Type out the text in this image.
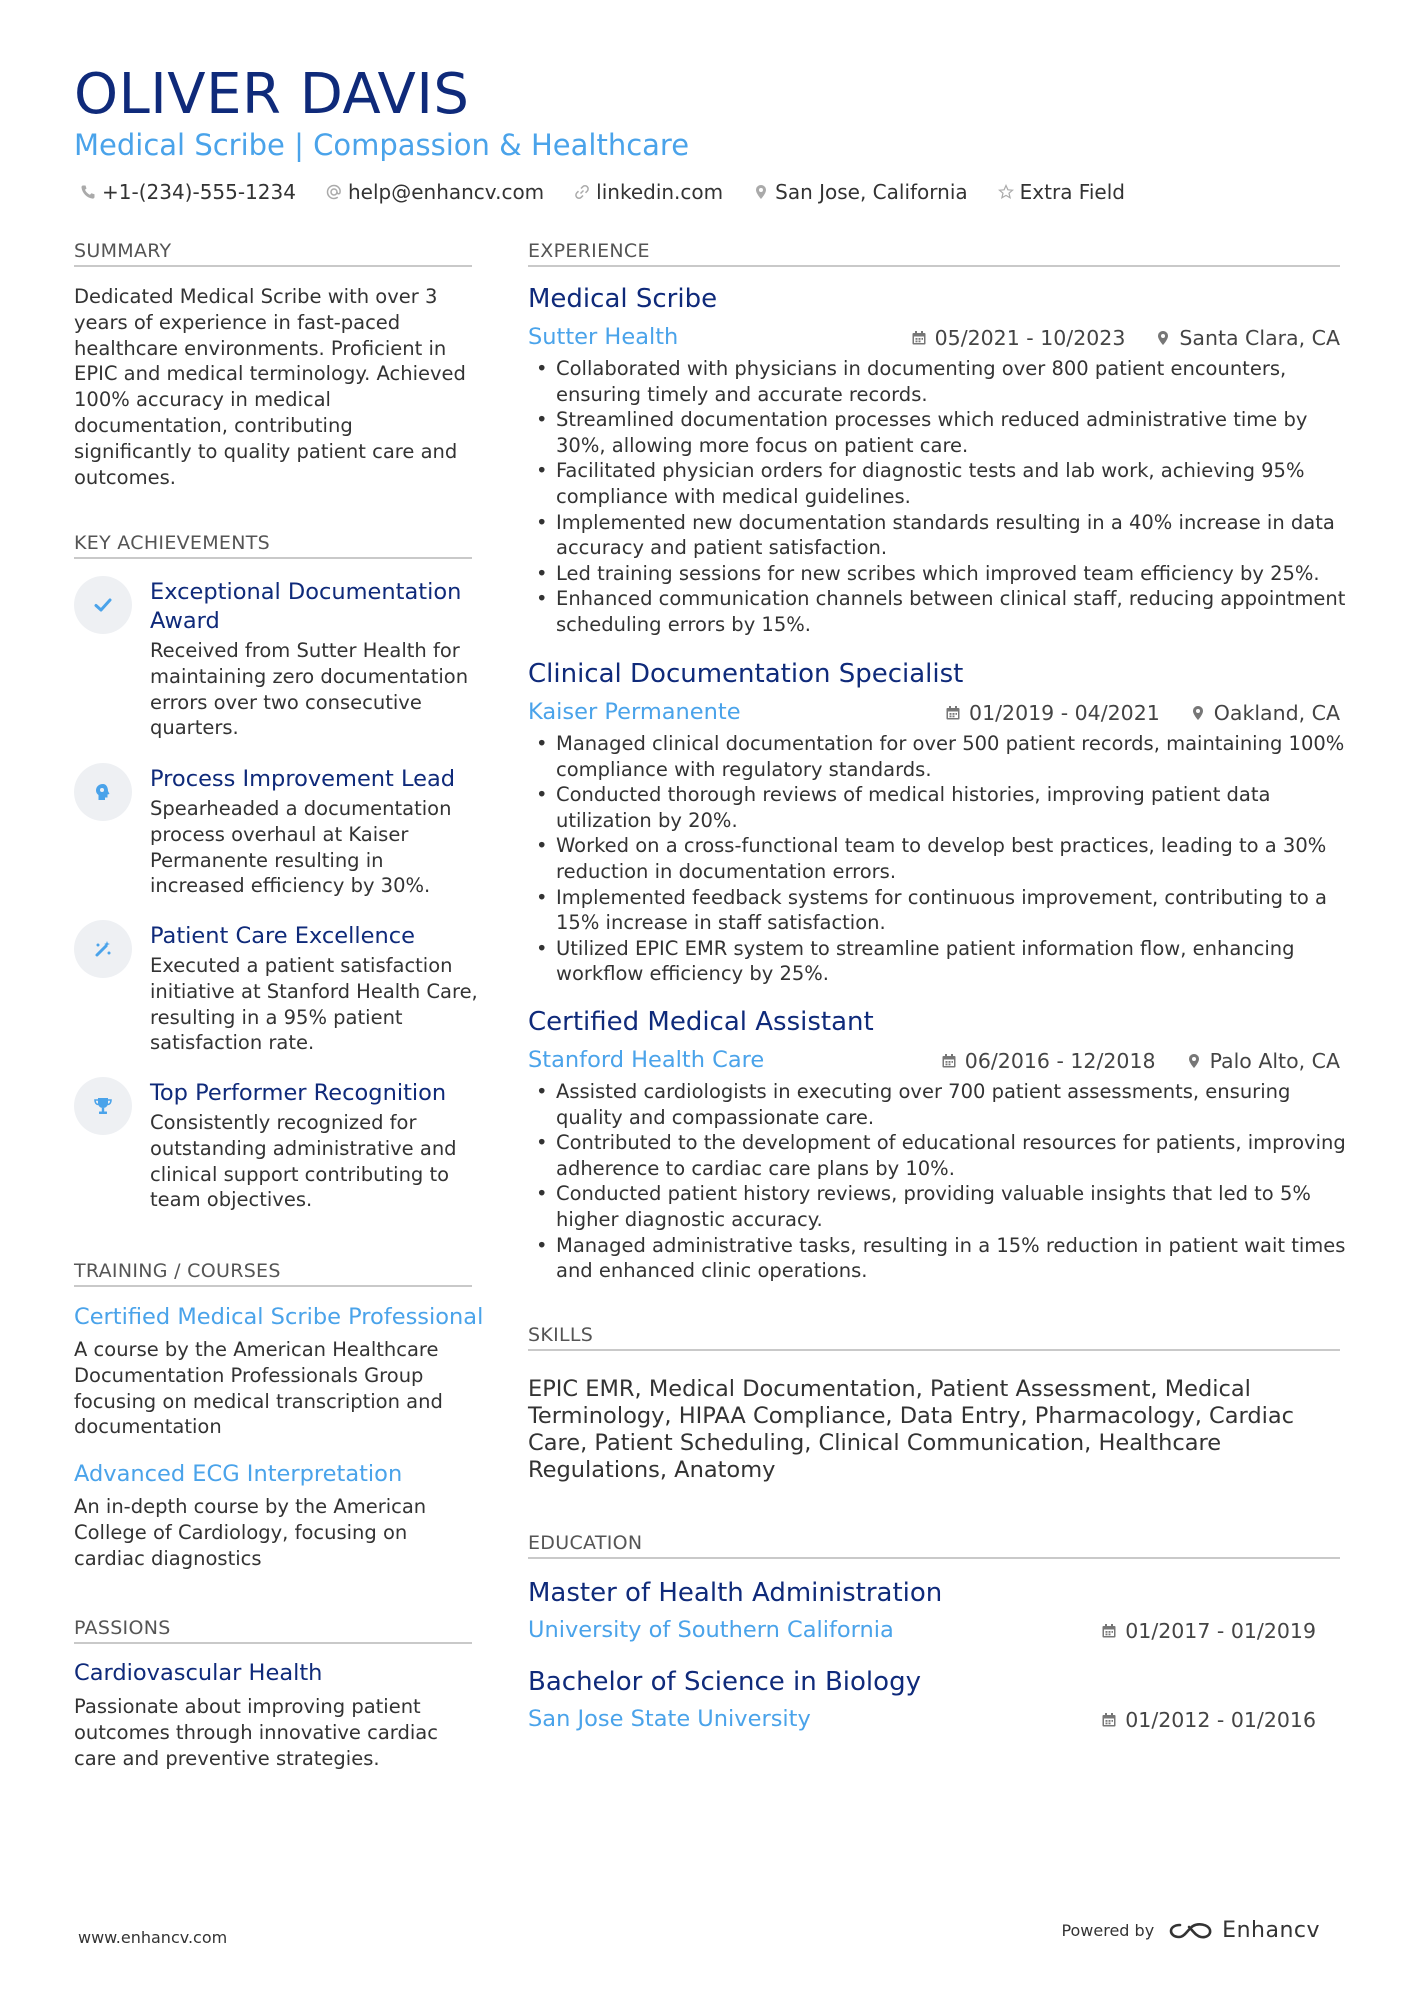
OLIVER DAVIS
Medical Scribe | Compassion & Healthcare
+1-(234)-555-1234	help@enhancv.com	linkedin.com	San Jose, California	Extra Field
SUMMARY
Dedicated Medical Scribe with over 3 years of experience in fast-paced healthcare environments. Proficient in EPIC and medical terminology. Achieved 100% accuracy in medical documentation, contributing significantly to quality patient care and outcomes.
KEY ACHIEVEMENTS
Exceptional Documentation Award
Received from Sutter Health for maintaining zero documentation errors over two consecutive quarters.
Process Improvement Lead
Spearheaded a documentation process overhaul at Kaiser Permanente resulting in increased efficiency by 30%.
Patient Care Excellence
Executed a patient satisfaction initiative at Stanford Health Care, resulting in a 95% patient satisfaction rate.
Top Performer Recognition
Consistently recognized for outstanding administrative and clinical support contributing to team objectives.
TRAINING / COURSES
Certified Medical Scribe Professional
A course by the American Healthcare Documentation Professionals Group focusing on medical transcription and documentation
Advanced ECG Interpretation
An in-depth course by the American College of Cardiology, focusing on cardiac diagnostics
PASSIONS
Cardiovascular Health
Passionate about improving patient outcomes through innovative cardiac care and preventive strategies.
EXPERIENCE
Medical Scribe
Sutter Health	05/2021 - 10/2023	Santa Clara, CA
• Collaborated with physicians in documenting over 800 patient encounters, ensuring timely and accurate records.
• Streamlined documentation processes which reduced administrative time by 30%, allowing more focus on patient care.
• Facilitated physician orders for diagnostic tests and lab work, achieving 95% compliance with medical guidelines.
• Implemented new documentation standards resulting in a 40% increase in data accuracy and patient satisfaction.
• Led training sessions for new scribes which improved team efficiency by 25%.
• Enhanced communication channels between clinical staff, reducing appointment scheduling errors by 15%.
Clinical Documentation Specialist
Kaiser Permanente	01/2019 - 04/2021	Oakland, CA
• Managed clinical documentation for over 500 patient records, maintaining 100% compliance with regulatory standards.
• Conducted thorough reviews of medical histories, improving patient data utilization by 20%.
• Worked on a cross-functional team to develop best practices, leading to a 30% reduction in documentation errors.
• Implemented feedback systems for continuous improvement, contributing to a 15% increase in staff satisfaction.
• Utilized EPIC EMR system to streamline patient information flow, enhancing workflow efficiency by 25%.
Certified Medical Assistant
Stanford Health Care	06/2016 - 12/2018	Palo Alto, CA
• Assisted cardiologists in executing over 700 patient assessments, ensuring quality and compassionate care.
• Contributed to the development of educational resources for patients, improving adherence to cardiac care plans by 10%.
• Conducted patient history reviews, providing valuable insights that led to 5% higher diagnostic accuracy.
• Managed administrative tasks, resulting in a 15% reduction in patient wait times and enhanced clinic operations.
SKILLS
EPIC EMR, Medical Documentation, Patient Assessment, Medical Terminology, HIPAA Compliance, Data Entry, Pharmacology, Cardiac Care, Patient Scheduling, Clinical Communication, Healthcare Regulations, Anatomy
EDUCATION
Master of Health Administration
University of Southern California	01/2017 - 01/2019
Bachelor of Science in Biology
San Jose State University	01/2012 - 01/2016
www.enhancv.com	Powered by	Enhancv
